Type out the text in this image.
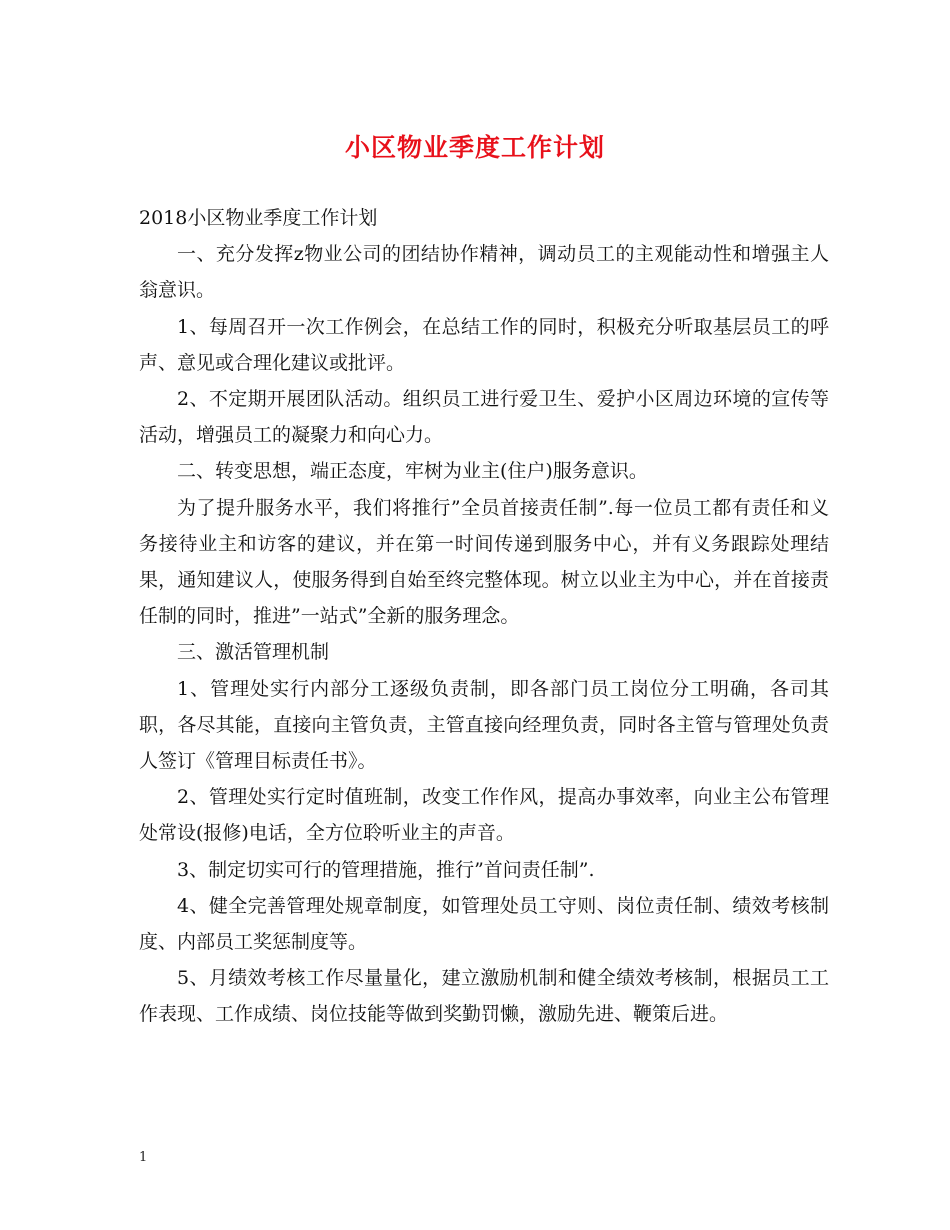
小区物业季度工作计划

2018小区物业季度工作计划

一、充分发挥z物业公司的团结协作精神，调动员工的主观能动性和增强主人翁意识。

1、每周召开一次工作例会，在总结工作的同时，积极充分听取基层员工的呼声、意见或合理化建议或批评。

2、不定期开展团队活动。组织员工进行爱卫生、爱护小区周边环境的宣传等活动，增强员工的凝聚力和向心力。

二、转变思想，端正态度，牢树为业主(住户)服务意识。

为了提升服务水平，我们将推行”全员首接责任制”.每一位员工都有责任和义务接待业主和访客的建议，并在第一时间传递到服务中心，并有义务跟踪处理结果，通知建议人，使服务得到自始至终完整体现。树立以业主为中心，并在首接责任制的同时，推进”一站式”全新的服务理念。

三、激活管理机制

1、管理处实行内部分工逐级负责制，即各部门员工岗位分工明确，各司其职，各尽其能，直接向主管负责，主管直接向经理负责，同时各主管与管理处负责人签订《管理目标责任书》。

2、管理处实行定时值班制，改变工作作风，提高办事效率，向业主公布管理处常设(报修)电话，全方位聆听业主的声音。

3、制定切实可行的管理措施，推行”首问责任制”.

4、健全完善管理处规章制度，如管理处员工守则、岗位责任制、绩效考核制度、内部员工奖惩制度等。

5、月绩效考核工作尽量量化，建立激励机制和健全绩效考核制，根据员工工作表现、工作成绩、岗位技能等做到奖勤罚懒，激励先进、鞭策后进。

1
